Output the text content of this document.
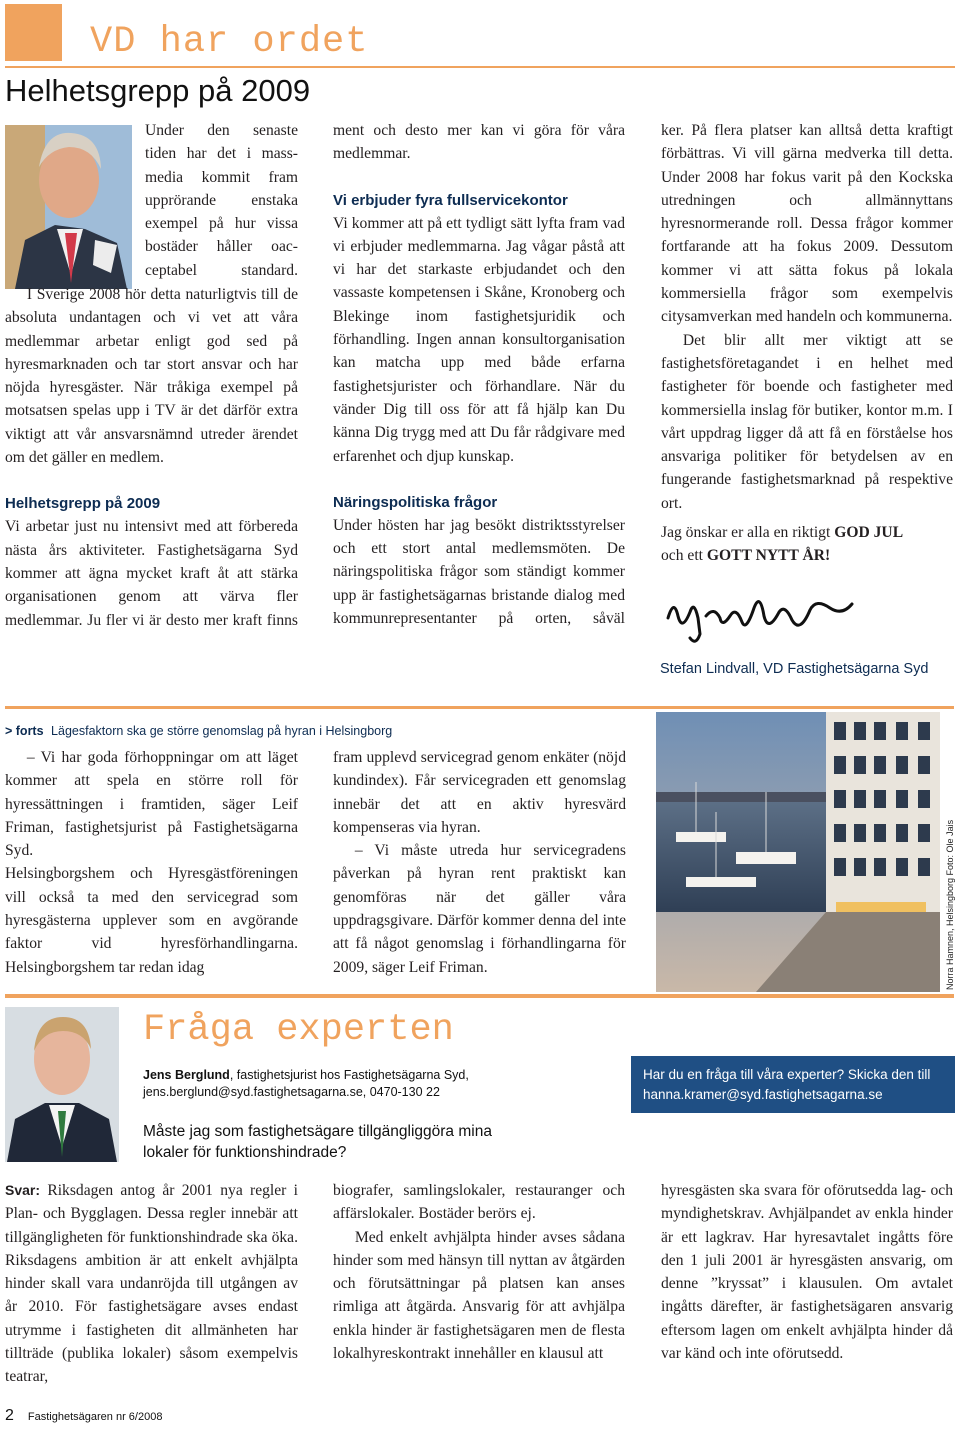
VD har ordet
Helhetsgrepp på 2009
Under den senaste
tiden har det i mass-
media kommit fram
upprörande enstaka
exempel på hur vissa
bostäder håller oac-
ceptabel standard.

I Sverige 2008 hör detta naturligtvis till de absoluta undantagen och vi vet att våra medlemmar arbetar enligt god sed på hyresmarknaden och tar stort ansvar och har nöjda hyresgäster. När tråkiga exempel på motsatsen spelas upp i TV är det därför extra viktigt att vår ansvarsnämnd utreder ärendet om det gäller en medlem.

Helhetsgrepp på 2009

Vi arbetar just nu intensivt med att förbereda nästa års aktiviteter. Fastighetsägarna Syd kommer att ägna mycket kraft åt att stärka organisationen genom att värva fler medlemmar. Ju fler vi är desto mer kraft finns

ment och desto mer kan vi göra för våra medlemmar.

Vi erbjuder fyra fullservicekontor

Vi kommer att på ett tydligt sätt lyfta fram vad vi erbjuder medlemmarna. Jag vågar påstå att vi har det starkaste erbjudandet och den vassaste kompetensen i Skåne, Kronoberg och Blekinge inom fastighetsjuridik och förhandling. Ingen annan konsultorganisation kan matcha upp med både erfarna fastighetsjurister och förhandlare. När du vänder Dig till oss för att få hjälp kan Du känna Dig trygg med att Du får rådgivare med erfarenhet och djup kunskap.

Näringspolitiska frågor

Under hösten har jag besökt distriktsstyrelser och ett stort antal medlemsmöten. De näringspolitiska frågor som ständigt kommer upp är fastighetsägarnas bristande dialog med kommunrepresentanter på orten, såväl

ker. På flera platser kan alltså detta kraftigt förbättras. Vi vill gärna medverka till detta. Under 2008 har fokus varit på den Kockska utredningen och allmännyttans hyresnormerande roll. Dessa frågor kommer fortfarande att ha fokus 2009. Dessutom kommer vi att sätta fokus på lokala kommersiella frågor som exempelvis citysamverkan med handeln och kommunerna.

Det blir allt mer viktigt att se fastighetsföretagandet i en helhet med fastigheter för boende och fastigheter med kommersiella inslag för butiker, kontor m.m. I vårt uppdrag ligger då att få en förståelse hos ansvariga politiker för betydelsen av en fungerande fastighetsmarknad på respektive ort.

Jag önskar er alla en riktigt GOD JUL
och ett GOTT NYTT ÅR!

Stefan Lindvall, VD Fastighetsägarna Syd
> forts Lägesfaktorn ska ge större genomslag på hyran i Helsingborg

– Vi har goda förhoppningar om att läget kommer att spela en större roll för hyressättningen i framtiden, säger Leif Friman, fastighetsjurist på Fastighetsägarna Syd.

Helsingborgshem och Hyresgästföreningen vill också ta med den servicegrad som hyresgästerna upplever som en avgörande faktor vid hyresförhandlingarna. Helsingborgshem tar redan idag

fram upplevd servicegrad genom enkäter (nöjd kundindex). Får servicegraden ett genomslag innebär det att en aktiv hyresvärd kompenseras via hyran.

– Vi måste utreda hur servicegradens påverkan på hyran rent praktiskt kan genomföras när det gäller våra uppdragsgivare. Därför kommer denna del inte att få något genomslag i förhandlingarna för 2009, säger Leif Friman.	Norra Hamnen, Helsingborg Foto: Ole Jais
Fråga experten
Jens Berglund, fastighetsjurist hos Fastighetsägarna Syd,
jens.berglund@syd.fastighetsagarna.se, 0470-130 22
Måste jag som fastighetsägare tillgängliggöra mina lokaler för funktionshindrade?
Har du en fråga till våra experter? Skicka den till hanna.kramer@syd.fastighetsagarna.se

Svar: Riksdagen antog år 2001 nya regler i Plan- och Bygglagen. Dessa regler innebär att tillgängligheten för funktionshindrade ska öka. Riksdagens ambition är att enkelt avhjälpta hinder skall vara undanröjda till utgången av år 2010. För fastighetsägare avses endast utrymme i fastigheten dit allmänheten har tillträde (publika lokaler) såsom exempelvis teatrar,

biografer, samlingslokaler, restauranger och affärslokaler. Bostäder berörs ej.

Med enkelt avhjälpta hinder avses sådana hinder som med hänsyn till nyttan av åtgärden och förutsättningar på platsen kan anses rimliga att åtgärda. Ansvarig för att avhjälpa enkla hinder är fastighetsägaren men de flesta lokalhyreskontrakt innehåller en klausul att

hyresgästen ska svara för oförutsedda lag- och myndighetskrav. Avhjälpandet av enkla hinder är ett lagkrav. Har hyresavtalet ingåtts före den 1 juli 2001 är hyresgästen ansvarig, om denne ”kryssat” i klausulen. Om avtalet ingåtts därefter, är fastighetsägaren ansvarig eftersom lagen om enkelt avhjälpta hinder då var känd och inte oförutsedd.

2 Fastighetsägaren nr 6/2008
